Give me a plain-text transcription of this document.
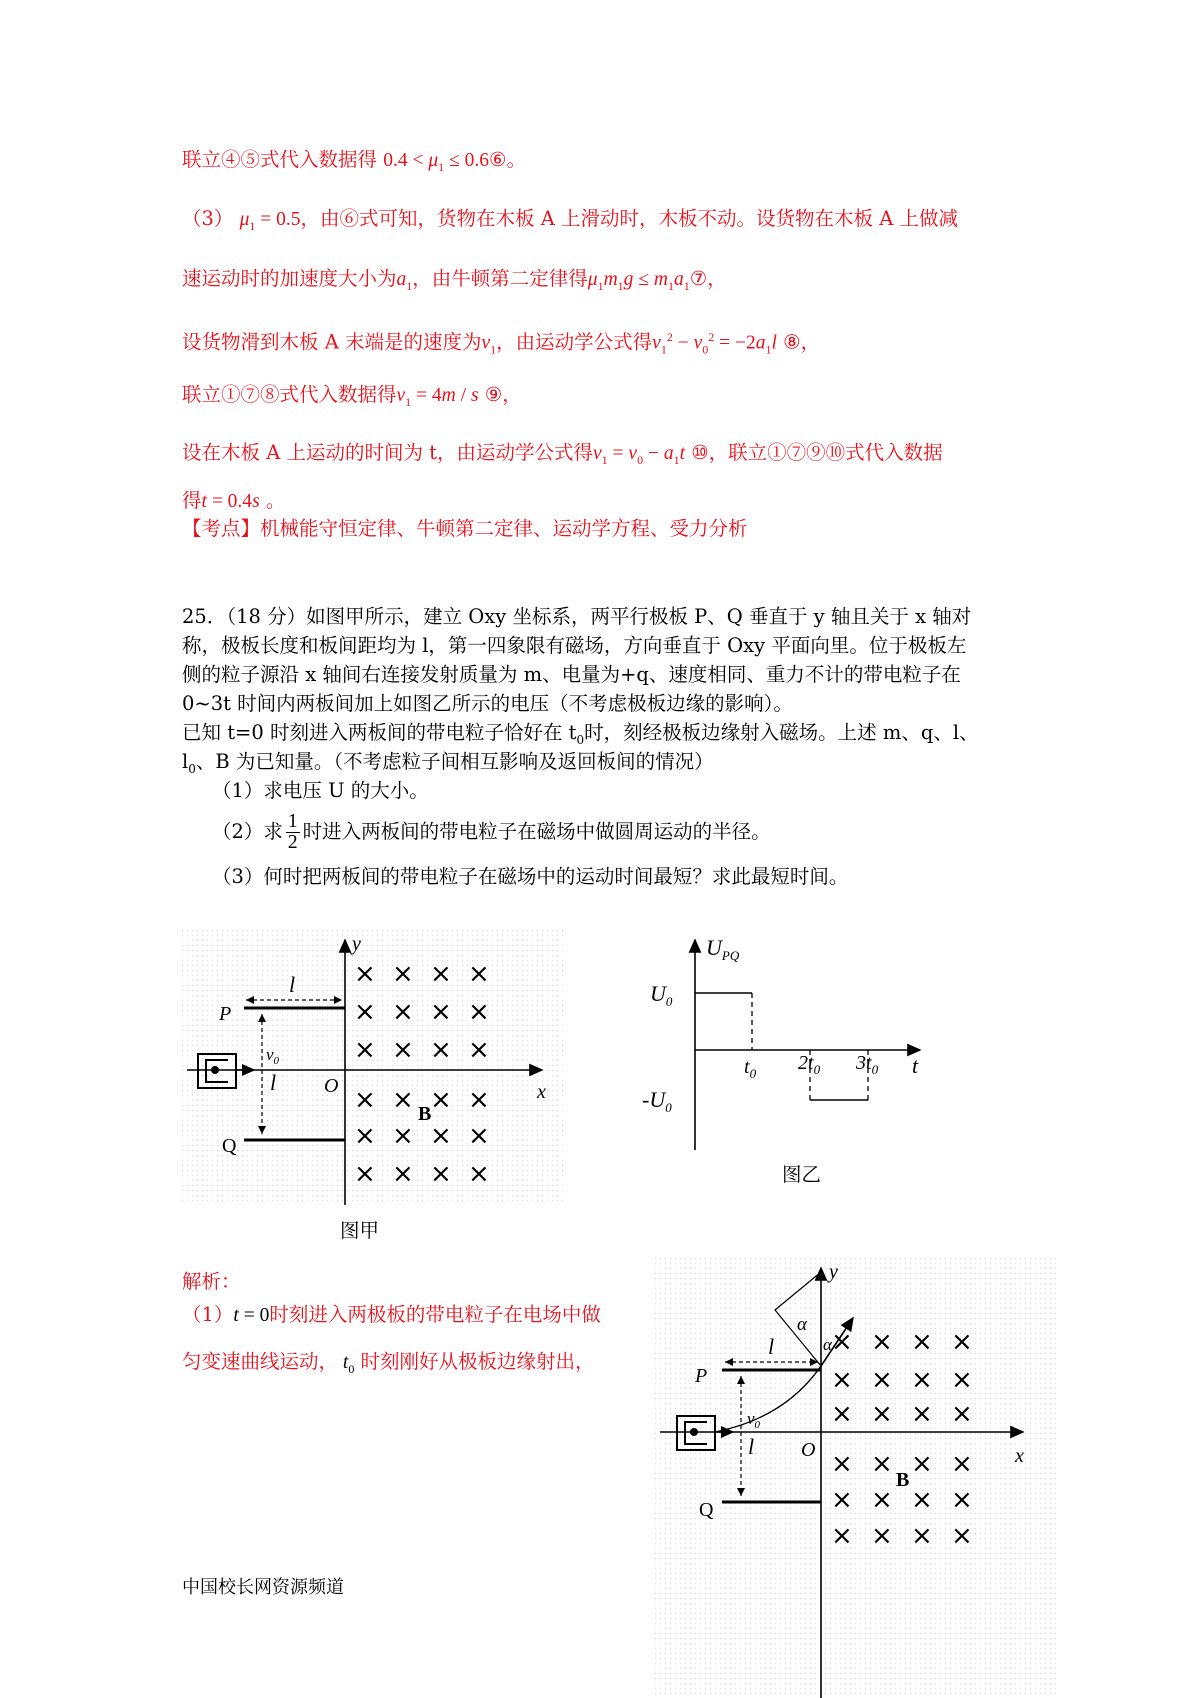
联立④⑤式代入数据得 $0.4 < \mu_1$ ≤ 0.6⑥。
（3） $\mu_1 = 0.5$，由⑥式可知，货物在木板 A 上滑动时，木板不动。设货物在木板 A 上做减
速运动时的加速度大小为$a_1$，由牛顿第二定律得$\mu_1m_1g$ ≤ $m_1a_1⑦$，
设货物滑到木板 A 末端是的速度为$v_1$，由运动学公式得$v_1^2 - v_0^2 = -2a_1l$ ⑧，
联立①⑦⑧式代入数据得$v_1 = 4m / s$ ⑨，
设在木板 A 上运动的时间为 t，由运动学公式得$v_1 = v_0 - a_1t$ ⑩，联立①⑦⑨⑩式代入数据
得t = 0.4s 。
【考点】机械能守恒定律、牛顿第二定律、运动学方程、受力分析
25．（18 分）如图甲所示，建立 Oxy 坐标系，两平行极板 P、Q 垂直于 y 轴且关于 x 轴对
称，极板长度和板间距均为 l，第一四象限有磁场，方向垂直于 Oxy 平面向里。位于极板左
侧的粒子源沿 x 轴间右连接发射质量为 m、电量为+q、速度相同、重力不计的带电粒子在
0~3t 时间内两板间加上如图乙所示的电压（不考虑极板边缘的影响）。
已知 t=0 时刻进入两板间的带电粒子恰好在 $t_0$时，刻经极板边缘射入磁场。上述 m、q、l、
$l_0$、B 为已知量。（不考虑粒子间相互影响及返回板间的情况）
（1）求电压 U 的大小。
（2）求 $\frac{1}{2}$ 时进入两板间的带电粒子在磁场中做圆周运动的半径。
（3）何时把两板间的带电粒子在磁场中的运动时间最短？求此最短时间。
y
x
O
P
Q
l
l
$v_0$
B
× × × ×
× × × ×
× × × ×
× × × ×
× × × ×
× × × ×
图甲
$U_{PQ}$
$U_0$
$-U_0$
$t_0$ $2t_0$ $3t_0$ t
图乙
解析：
（1）t = 0时刻进入两极板的带电粒子在电场中做
匀变速曲线运动， $t_0$ 时刻刚好从极板边缘射出，
y
x
O
P
Q
l
l
$v_0$
α
α
B
× × × ×
× × × ×
× × × ×
× × × ×
× × × ×
× × × ×
中国校长网资源频道
